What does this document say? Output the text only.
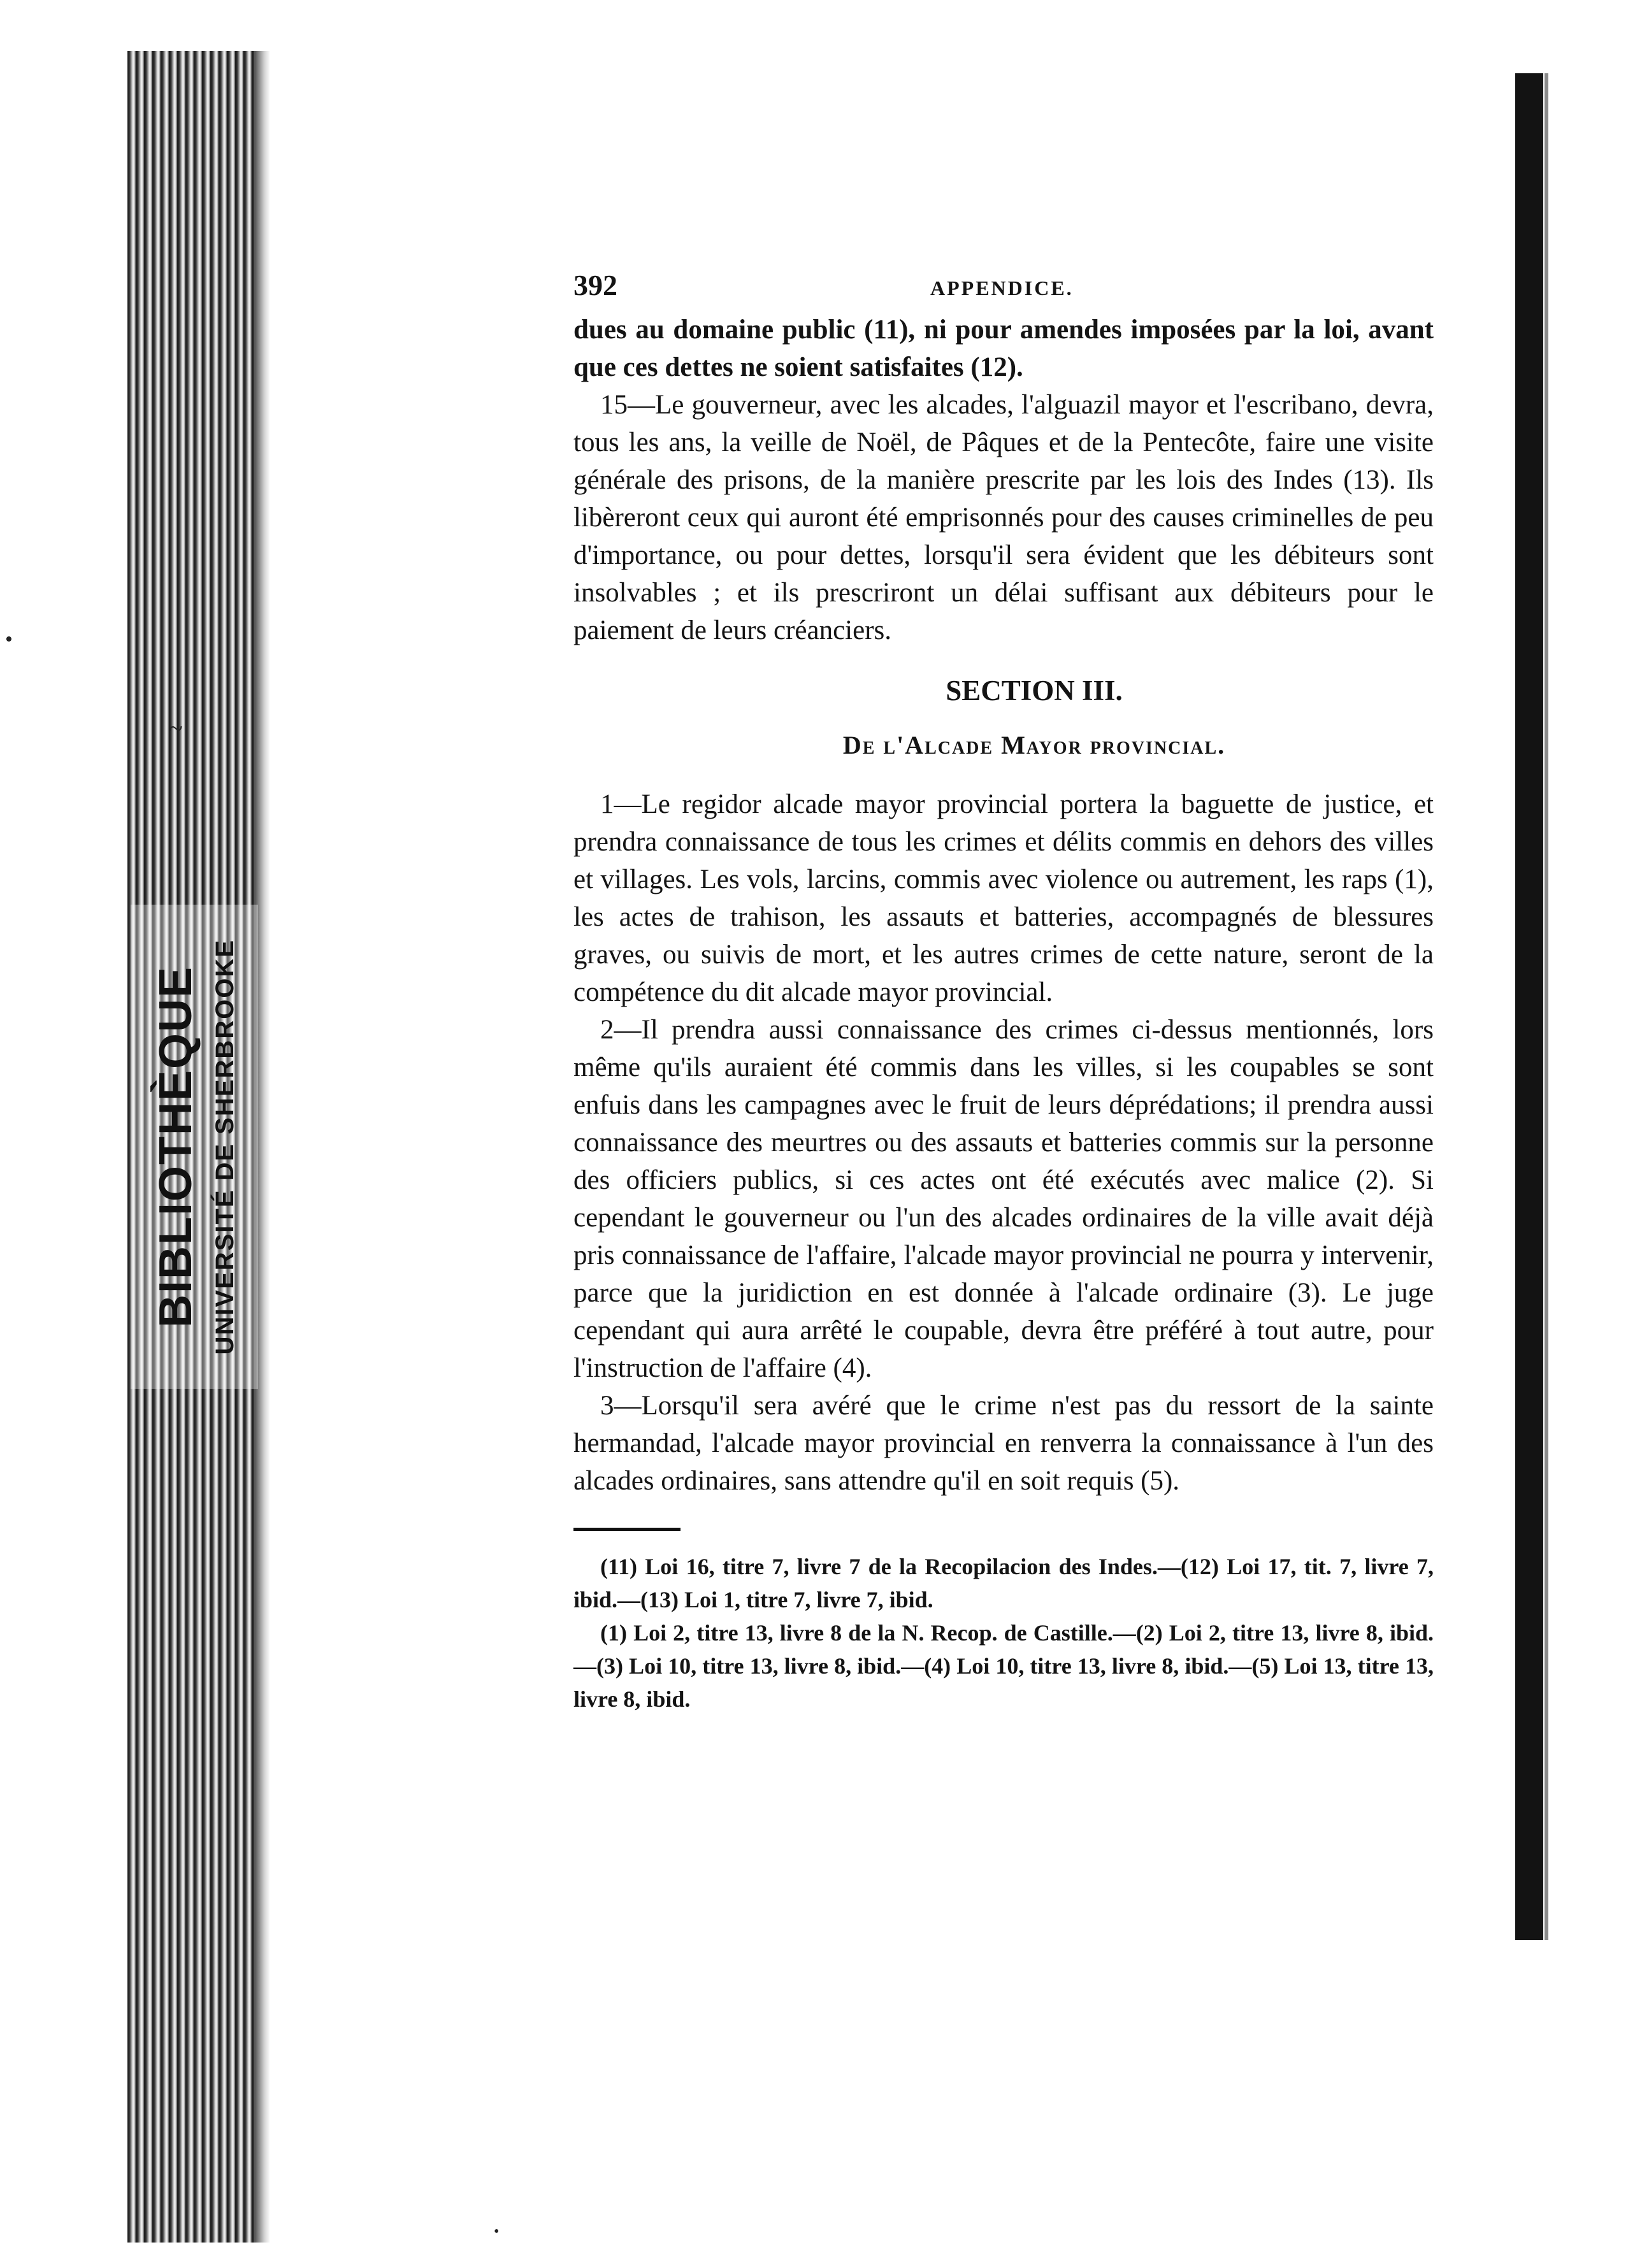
BIBLIOTHÈQUE UNIVERSITÉ DE SHERBROOKE
•
~
•
392	APPENDICE.

dues au domaine public (11), ni pour amendes imposées par la loi, avant que ces dettes ne soient satisfaites (12).

15—Le gouverneur, avec les alcades, l'alguazil mayor et l'escribano, devra, tous les ans, la veille de Noël, de Pâques et de la Pentecôte, faire une visite générale des prisons, de la manière prescrite par les lois des Indes (13). Ils libèreront ceux qui auront été emprisonnés pour des causes criminelles de peu d'importance, ou pour dettes, lorsqu'il sera évident que les débiteurs sont insolvables ; et ils prescriront un délai suffisant aux débiteurs pour le paiement de leurs créanciers.

SECTION III.
De l'Alcade Mayor provincial.

1—Le regidor alcade mayor provincial portera la baguette de justice, et prendra connaissance de tous les crimes et délits commis en dehors des villes et villages. Les vols, larcins, commis avec violence ou autrement, les raps (1), les actes de trahison, les assauts et batteries, accompagnés de blessures graves, ou suivis de mort, et les autres crimes de cette nature, seront de la compétence du dit alcade mayor provincial.

2—Il prendra aussi connaissance des crimes ci-dessus mentionnés, lors même qu'ils auraient été commis dans les villes, si les coupables se sont enfuis dans les campagnes avec le fruit de leurs déprédations; il prendra aussi connaissance des meurtres ou des assauts et batteries commis sur la personne des officiers publics, si ces actes ont été exécutés avec malice (2). Si cependant le gouverneur ou l'un des alcades ordinaires de la ville avait déjà pris connaissance de l'affaire, l'alcade mayor provincial ne pourra y intervenir, parce que la juridiction en est donnée à l'alcade ordinaire (3). Le juge cependant qui aura arrêté le coupable, devra être préféré à tout autre, pour l'instruction de l'affaire (4).

3—Lorsqu'il sera avéré que le crime n'est pas du ressort de la sainte hermandad, l'alcade mayor provincial en renverra la connaissance à l'un des alcades ordinaires, sans attendre qu'il en soit requis (5).

(11) Loi 16, titre 7, livre 7 de la Recopilacion des Indes.—(12) Loi 17, tit. 7, livre 7, ibid.—(13) Loi 1, titre 7, livre 7, ibid.

(1) Loi 2, titre 13, livre 8 de la N. Recop. de Castille.—(2) Loi 2, titre 13, livre 8, ibid.—(3) Loi 10, titre 13, livre 8, ibid.—(4) Loi 10, titre 13, livre 8, ibid.—(5) Loi 13, titre 13, livre 8, ibid.
